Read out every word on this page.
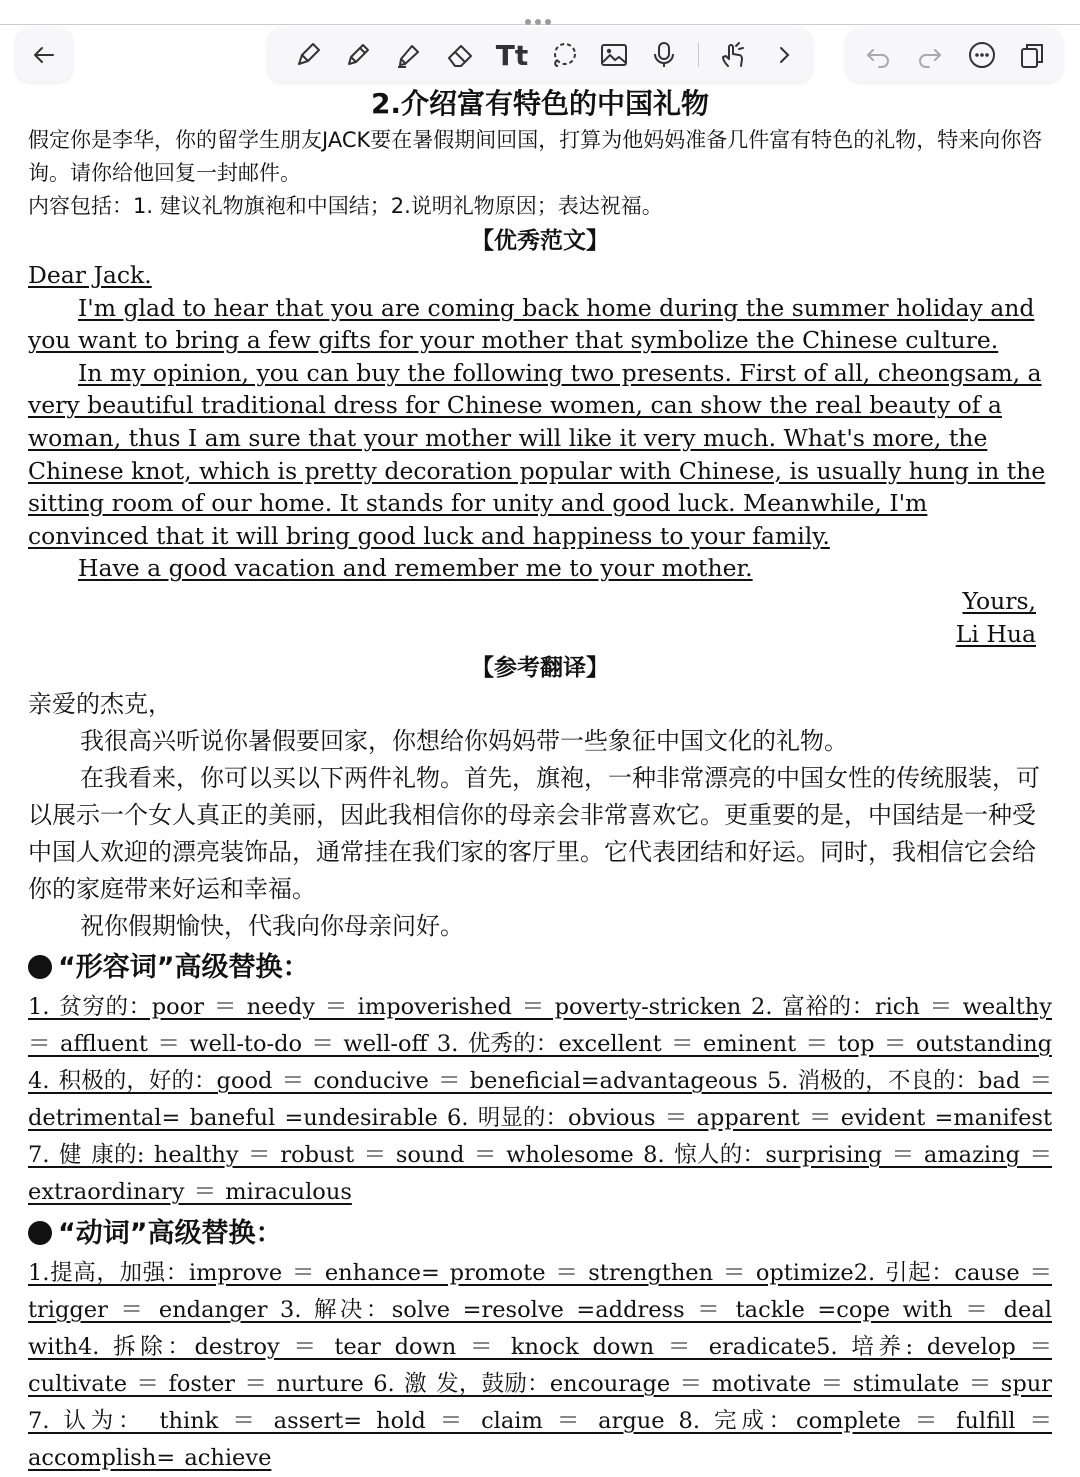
Tt
2.介绍富有特色的中国礼物
假定你是李华，你的留学生朋友JACK要在暑假期间回国，打算为他妈妈准备几件富有特色的礼物，特来向你咨询。请你给他回复一封邮件。
内容包括：1. 建议礼物旗袍和中国结；2.说明礼物原因；表达祝福。
【优秀范文】
Dear Jack.
I'm glad to hear that you are coming back home during the summer holiday and you want to bring a few gifts for your mother that symbolize the Chinese culture.
In my opinion, you can buy the following two presents. First of all, cheongsam, a very beautiful traditional dress for Chinese women, can show the real beauty of a woman, thus I am sure that your mother will like it very much. What's more, the Chinese knot, which is pretty decoration popular with Chinese, is usually hung in the sitting room of our home. It stands for unity and good luck. Meanwhile, I'm convinced that it will bring good luck and happiness to your family.
Have a good vacation and remember me to your mother.
Yours,
Li Hua
【参考翻译】
亲爱的杰克，
我很高兴听说你暑假要回家，你想给你妈妈带一些象征中国文化的礼物。
在我看来，你可以买以下两件礼物。首先，旗袍，一种非常漂亮的中国女性的传统服装，可以展示一个女人真正的美丽，因此我相信你的母亲会非常喜欢它。更重要的是，中国结是一种受中国人欢迎的漂亮装饰品，通常挂在我们家的客厅里。它代表团结和好运。同时，我相信它会给你的家庭带来好运和幸福。
祝你假期愉快，代我向你母亲问好。
“形容词”高级替换：
1. 贫穷的：poor ＝ needy ＝ impoverished ＝ poverty-stricken 2. 富裕的：rich ＝ wealthy ＝ affluent ＝ well-to-do ＝ well-off 3. 优秀的：excellent ＝ eminent ＝ top ＝ outstanding 4. 积极的，好的：good ＝ conducive ＝ beneficial=advantageous 5. 消极的，不良的：bad ＝ detrimental= baneful =undesirable 6. 明显的：obvious ＝ apparent ＝ evident =manifest 7. 健 康的: healthy ＝ robust ＝ sound ＝ wholesome 8. 惊人的：surprising ＝ amazing ＝ extraordinary ＝ miraculous
“动词”高级替换：
1.提高，加强：improve ＝ enhance= promote ＝ strengthen ＝ optimize2. 引起：cause ＝ trigger ＝ endanger 3. 解决：solve =resolve =address ＝ tackle =cope with ＝ deal with4. 拆除：destroy ＝ tear down ＝ knock down ＝ eradicate5. 培养: develop ＝ cultivate ＝ foster ＝ nurture 6. 激 发，鼓励：encourage ＝ motivate ＝ stimulate ＝ spur 7. 认为： think ＝ assert= hold ＝ claim ＝ argue 8. 完成：complete ＝ fulfill ＝ accomplish= achieve
